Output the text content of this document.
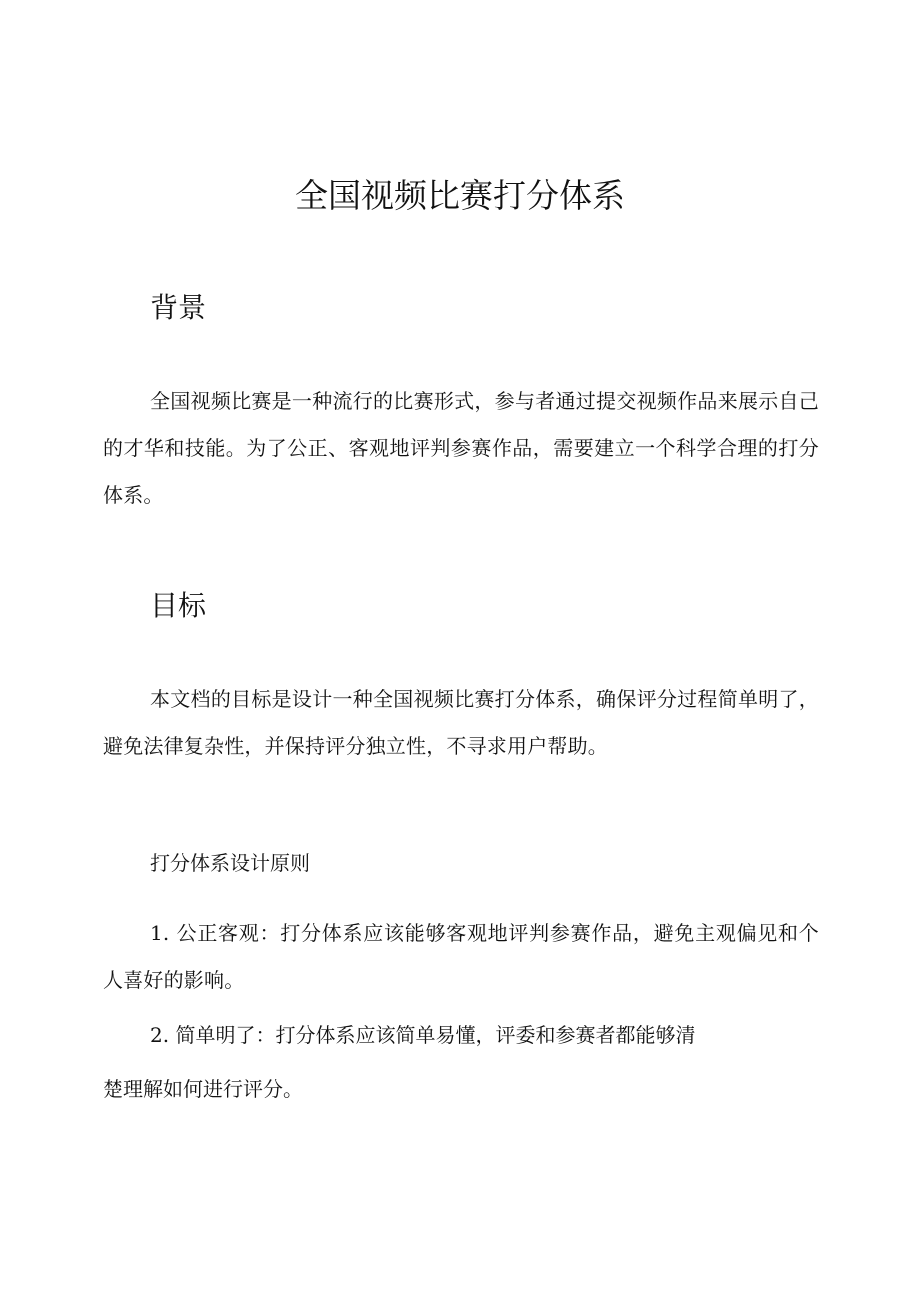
全国视频比赛打分体系
背景

全国视频比赛是一种流行的比赛形式，参与者通过提交视频作品来展示自己的才华和技能。为了公正、客观地评判参赛作品，需要建立一个科学合理的打分体系。

目标

本文档的目标是设计一种全国视频比赛打分体系，确保评分过程简单明了，避免法律复杂性，并保持评分独立性，不寻求用户帮助。

打分体系设计原则

1. 公正客观：打分体系应该能够客观地评判参赛作品，避免主观偏见和个人喜好的影响。

2. 简单明了：打分体系应该简单易懂，评委和参赛者都能够清

楚理解如何进行评分。
